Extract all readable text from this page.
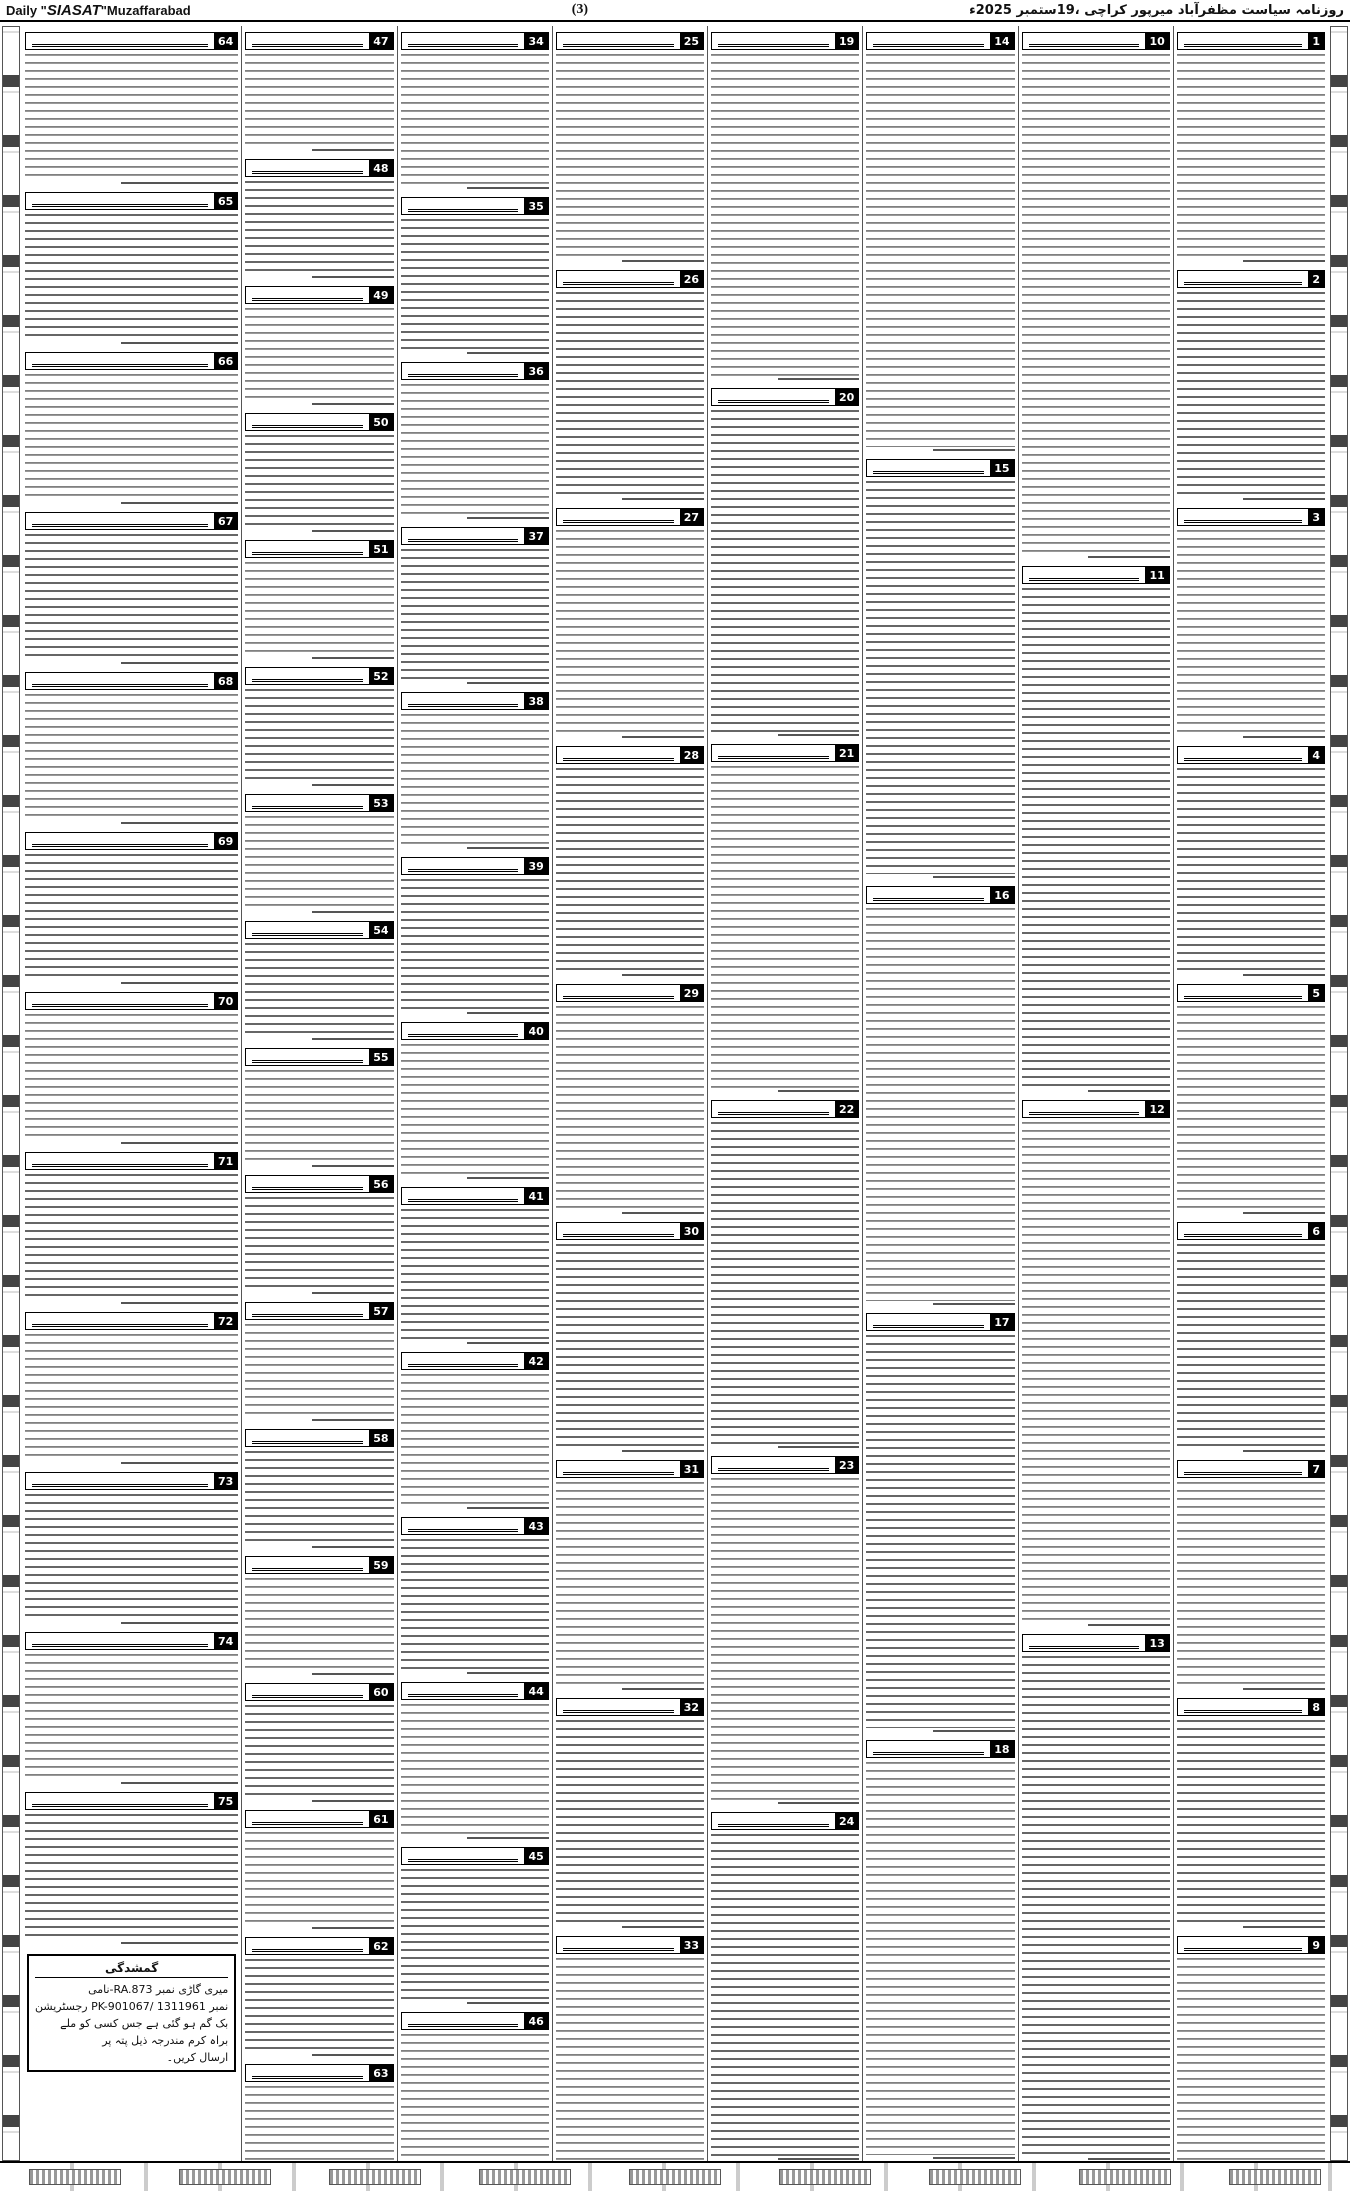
Daily "SIASAT"Muzaffarabad	(3)	روزنامہ سیاست مظفرآباد میرپور کراچی ،19ستمبر 2025ء
1
2
3
4
5
6
7
8
9
10
11
12
13
14
15
16
17
18
19
20
21
22
23
24
25
26
27
28
29
30
31
32
33
34
35
36
37
38
39
40
41
42
43
44
45
46
47
48
49
50
51
52
53
54
55
56
57
58
59
60
61
62
63
64
65
66
67
68
69
70
71
72
73
74
75
گمشدگی
میری گاڑی نمبر RA.873-نامی
نمبر PK-901067/ 1311961 رجسٹریشن
بک گم ہو گئی ہے جس کسی کو ملے
براہ کرم مندرجہ ذیل پتہ پر
ارسال کریں۔
